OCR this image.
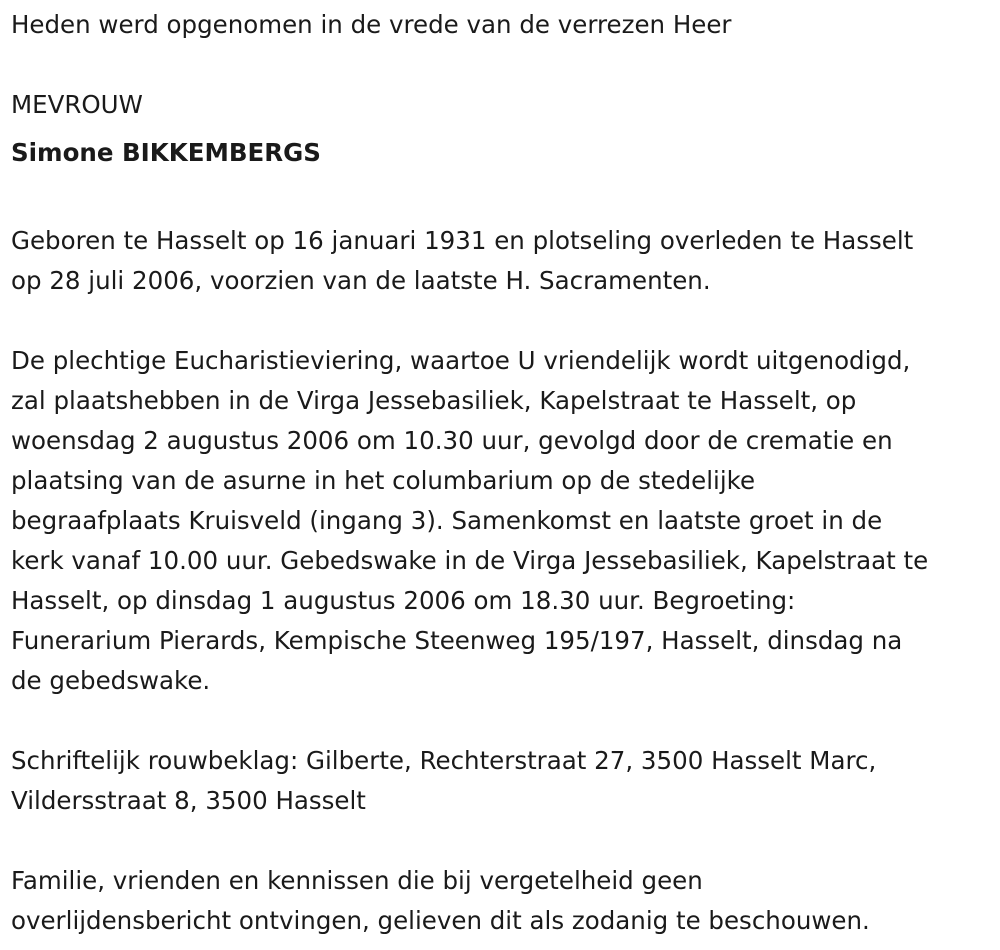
Heden werd opgenomen in de vrede van de verrezen Heer
MEVROUW
Simone BIKKEMBERGS
Geboren te Hasselt op 16 januari 1931 en plotseling overleden te Hasselt
op 28 juli 2006, voorzien van de laatste H. Sacramenten.
De plechtige Eucharistieviering, waartoe U vriendelijk wordt uitgenodigd,
zal plaatshebben in de Virga Jessebasiliek, Kapelstraat te Hasselt, op
woensdag 2 augustus 2006 om 10.30 uur, gevolgd door de crematie en
plaatsing van de asurne in het columbarium op de stedelijke
begraafplaats Kruisveld (ingang 3). Samenkomst en laatste groet in de
kerk vanaf 10.00 uur. Gebedswake in de Virga Jessebasiliek, Kapelstraat te
Hasselt, op dinsdag 1 augustus 2006 om 18.30 uur. Begroeting:
Funerarium Pierards, Kempische Steenweg 195/197, Hasselt, dinsdag na
de gebedswake.
Schriftelijk rouwbeklag: Gilberte, Rechterstraat 27, 3500 Hasselt Marc,
Vildersstraat 8, 3500 Hasselt
Familie, vrienden en kennissen die bij vergetelheid geen
overlijdensbericht ontvingen, gelieven dit als zodanig te beschouwen.
